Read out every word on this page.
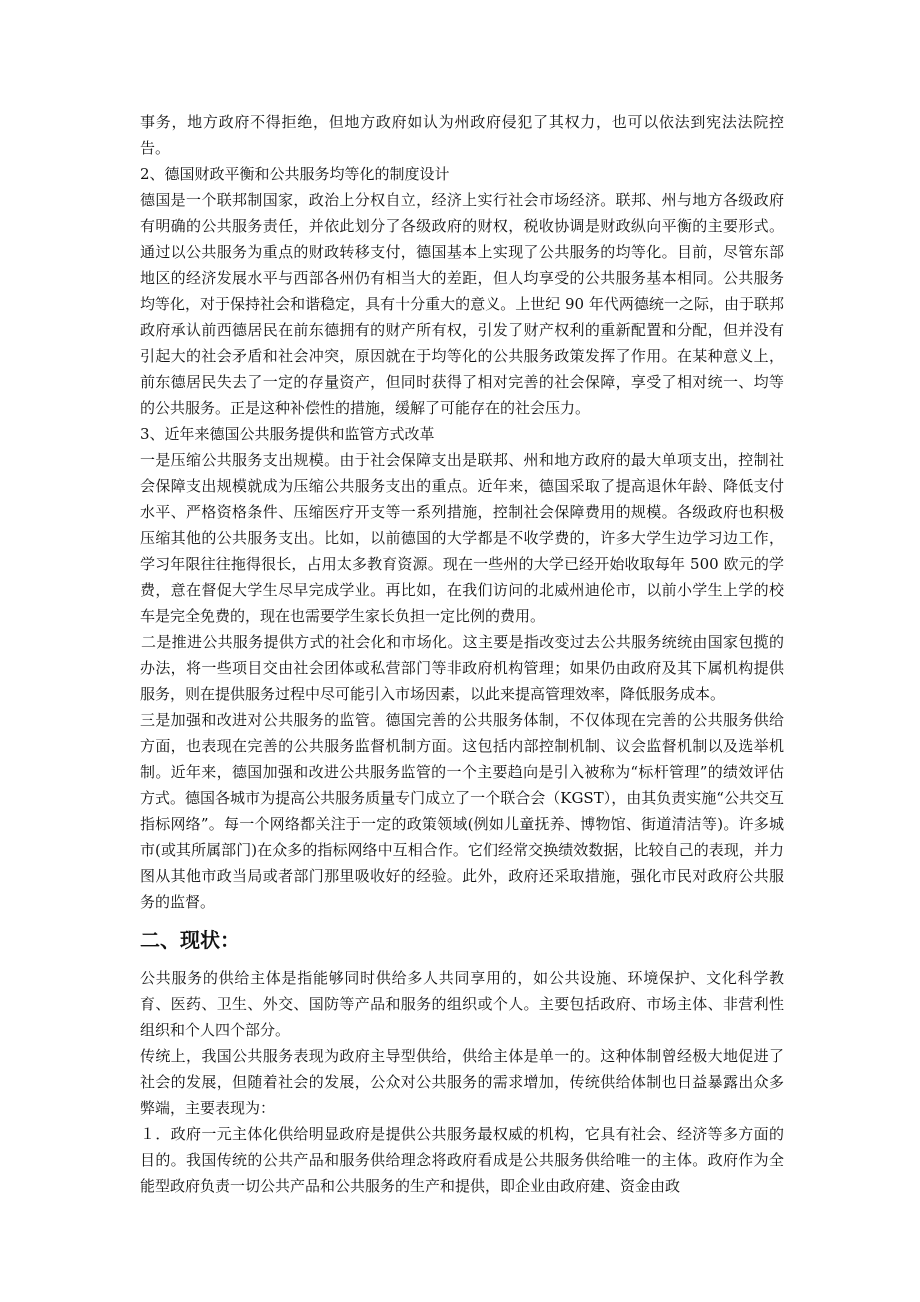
事务，地方政府不得拒绝，但地方政府如认为州政府侵犯了其权力，也可以依法到宪法法院控告。

2、德国财政平衡和公共服务均等化的制度设计

德国是一个联邦制国家，政治上分权自立，经济上实行社会市场经济。联邦、州与地方各级政府有明确的公共服务责任，并依此划分了各级政府的财权，税收协调是财政纵向平衡的主要形式。通过以公共服务为重点的财政转移支付，德国基本上实现了公共服务的均等化。目前，尽管东部地区的经济发展水平与西部各州仍有相当大的差距，但人均享受的公共服务基本相同。公共服务均等化，对于保持社会和谐稳定，具有十分重大的意义。上世纪 90 年代两德统一之际，由于联邦政府承认前西德居民在前东德拥有的财产所有权，引发了财产权利的重新配置和分配，但并没有引起大的社会矛盾和社会冲突，原因就在于均等化的公共服务政策发挥了作用。在某种意义上，前东德居民失去了一定的存量资产，但同时获得了相对完善的社会保障，享受了相对统一、均等的公共服务。正是这种补偿性的措施，缓解了可能存在的社会压力。

3、近年来德国公共服务提供和监管方式改革

一是压缩公共服务支出规模。由于社会保障支出是联邦、州和地方政府的最大单项支出，控制社会保障支出规模就成为压缩公共服务支出的重点。近年来，德国采取了提高退休年龄、降低支付水平、严格资格条件、压缩医疗开支等一系列措施，控制社会保障费用的规模。各级政府也积极压缩其他的公共服务支出。比如，以前德国的大学都是不收学费的，许多大学生边学习边工作，学习年限往往拖得很长，占用太多教育资源。现在一些州的大学已经开始收取每年 500 欧元的学费，意在督促大学生尽早完成学业。再比如，在我们访问的北威州迪伦市，以前小学生上学的校车是完全免费的，现在也需要学生家长负担一定比例的费用。

二是推进公共服务提供方式的社会化和市场化。这主要是指改变过去公共服务统统由国家包揽的办法，将一些项目交由社会团体或私营部门等非政府机构管理；如果仍由政府及其下属机构提供服务，则在提供服务过程中尽可能引入市场因素，以此来提高管理效率，降低服务成本。

三是加强和改进对公共服务的监管。德国完善的公共服务体制，不仅体现在完善的公共服务供给方面，也表现在完善的公共服务监督机制方面。这包括内部控制机制、议会监督机制以及选举机制。近年来，德国加强和改进公共服务监管的一个主要趋向是引入被称为“标杆管理”的绩效评估方式。德国各城市为提高公共服务质量专门成立了一个联合会（KGST），由其负责实施“公共交互指标网络”。每一个网络都关注于一定的政策领域(例如儿童抚养、博物馆、街道清洁等)。许多城市(或其所属部门)在众多的指标网络中互相合作。它们经常交换绩效数据，比较自己的表现，并力图从其他市政当局或者部门那里吸收好的经验。此外，政府还采取措施，强化市民对政府公共服务的监督。

二、现状：

公共服务的供给主体是指能够同时供给多人共同享用的，如公共设施、环境保护、文化科学教育、医药、卫生、外交、国防等产品和服务的组织或个人。主要包括政府、市场主体、非营利性组织和个人四个部分。

传统上，我国公共服务表现为政府主导型供给，供给主体是单一的。这种体制曾经极大地促进了社会的发展，但随着社会的发展，公众对公共服务的需求增加，传统供给体制也日益暴露出众多弊端，主要表现为：

１．政府一元主体化供给明显政府是提供公共服务最权威的机构，它具有社会、经济等多方面的目的。我国传统的公共产品和服务供给理念将政府看成是公共服务供给唯一的主体。政府作为全能型政府负责一切公共产品和公共服务的生产和提供，即企业由政府建、资金由政
